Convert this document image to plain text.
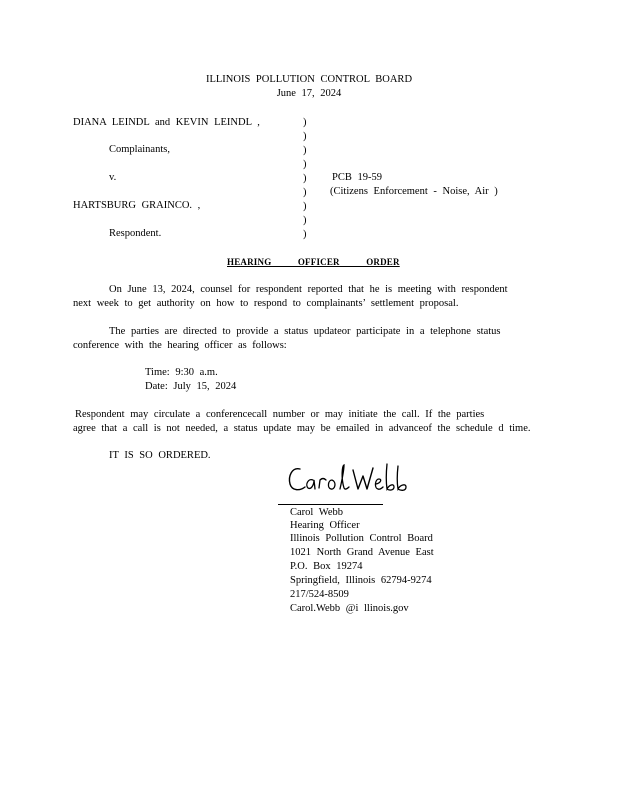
ILLINOIS POLLUTION CONTROL BOARD
June 17, 2024
DIANA LEINDL and KEVIN LEINDL ,
Complainants,
v.
HARTSBURG GRAINCO. ,
Respondent.
)
)
)
)
)
)
)
)
)
PCB 19-59
(Citizens Enforcement - Noise, Air )
HEARING OFFICER ORDER
On June 13, 2024, counsel for respondent reported that he is meeting with respondent
next week to get authority on how to respond to complainants’ settlement proposal.
The parties are directed to provide a status updateor participate in a telephone status
conference with the hearing officer as follows:
Time: 9:30 a.m.
Date: July 15, 2024
Respondent may circulate a conferencecall number or may initiate the call. If the parties
agree that a call is not needed, a status update may be emailed in advanceof the schedule d time.
IT IS SO ORDERED.
Carol Webb
Hearing Officer
Illinois Pollution Control Board
1021 North Grand Avenue East
P.O. Box 19274
Springfield, Illinois 62794-9274
217/524-8509
Carol.Webb @i llinois.gov
